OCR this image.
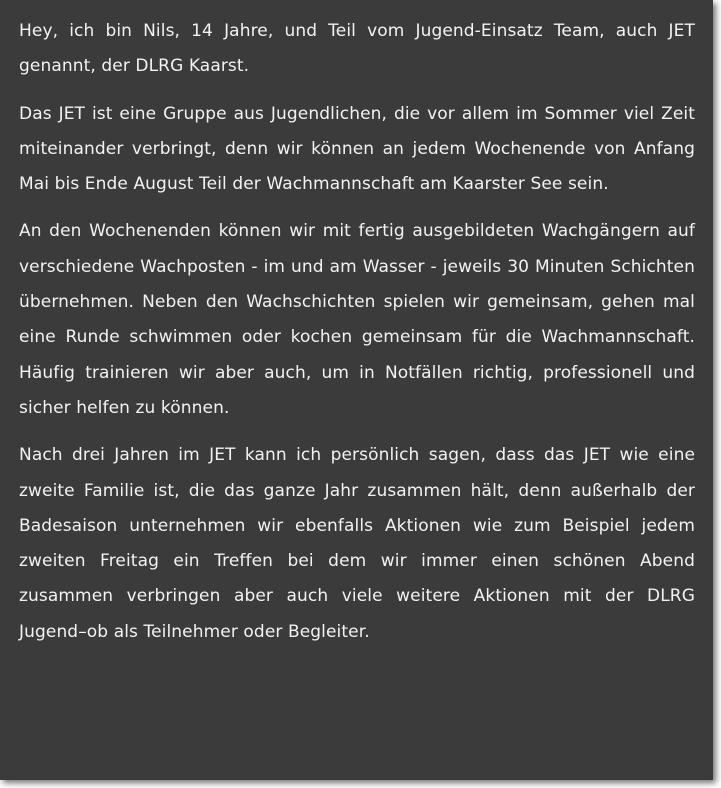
Hey, ich bin Nils, 14 Jahre, und Teil vom Jugend-Einsatz Team, auch JET genannt, der DLRG Kaarst.

Das JET ist eine Gruppe aus Jugendlichen, die vor allem im Sommer viel Zeit miteinander verbringt, denn wir können an jedem Wochenende von Anfang Mai bis Ende August Teil der Wachmannschaft am Kaarster See sein.

An den Wochenenden können wir mit fertig ausgebildeten Wachgängern auf verschiedene Wachposten - im und am Wasser - jeweils 30 Minuten Schichten übernehmen. Neben den Wachschichten spielen wir gemeinsam, gehen mal eine Runde schwimmen oder kochen gemeinsam für die Wachmannschaft. Häufig trainieren wir aber auch, um in Notfällen richtig, professionell und sicher helfen zu können.

Nach drei Jahren im JET kann ich persönlich sagen, dass das JET wie eine zweite Familie ist, die das ganze Jahr zusammen hält, denn außerhalb der Badesaison unternehmen wir ebenfalls Aktionen wie zum Beispiel jedem zweiten Freitag ein Treffen bei dem wir immer einen schönen Abend zusammen verbringen aber auch viele weitere Aktionen mit der DLRG Jugend–ob als Teilnehmer oder Begleiter.
